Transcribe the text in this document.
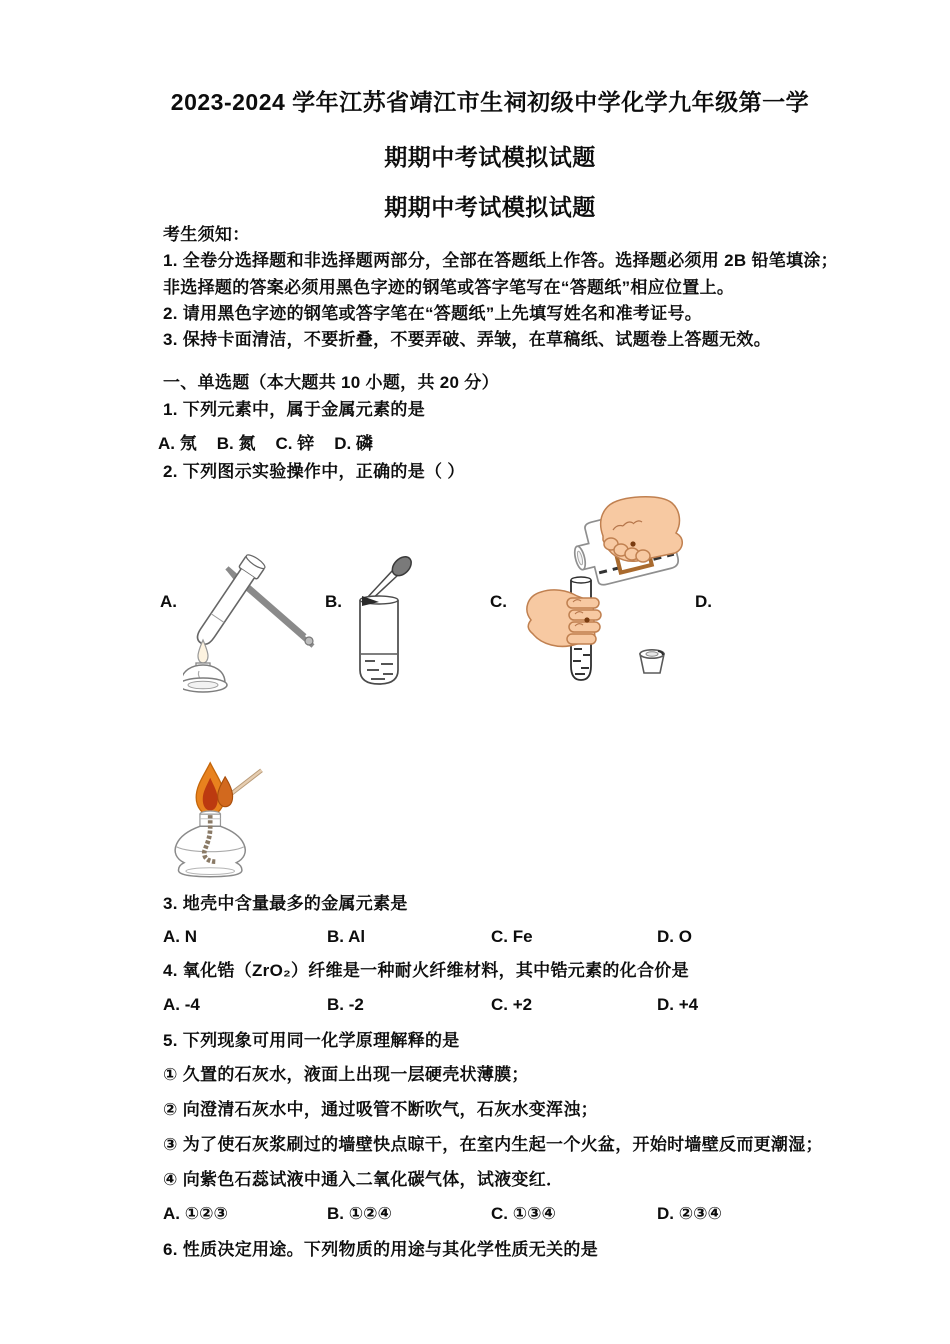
2023-2024 学年江苏省靖江市生祠初级中学化学九年级第一学
期期中考试模拟试题
期期中考试模拟试题
考生须知：
1. 全卷分选择题和非选择题两部分，全部在答题纸上作答。选择题必须用 2B 铅笔填涂；
非选择题的答案必须用黑色字迹的钢笔或答字笔写在“答题纸”相应位置上。
2. 请用黑色字迹的钢笔或答字笔在“答题纸”上先填写姓名和准考证号。
3. 保持卡面清洁，不要折叠，不要弄破、弄皱，在草稿纸、试题卷上答题无效。
一、单选题（本大题共 10 小题，共 20 分）
1. 下列元素中，属于金属元素的是
A. 氖 B. 氮 C. 锌 D. 磷
2. 下列图示实验操作中，正确的是（ ）
A.	B.	C.	D.
3. 地壳中含量最多的金属元素是
A. N	B. Al	C. Fe	D. O
4. 氧化锆（ZrO₂）纤维是一种耐火纤维材料，其中锆元素的化合价是
A. -4	B. -2	C. +2	D. +4
5. 下列现象可用同一化学原理解释的是
① 久置的石灰水，液面上出现一层硬壳状薄膜；
② 向澄清石灰水中，通过吸管不断吹气，石灰水变浑浊；
③ 为了使石灰浆刷过的墙壁快点晾干，在室内生起一个火盆，开始时墙壁反而更潮湿；
④ 向紫色石蕊试液中通入二氧化碳气体，试液变红．
A. ①②③	B. ①②④	C. ①③④	D. ②③④
6. 性质决定用途。下列物质的用途与其化学性质无关的是
